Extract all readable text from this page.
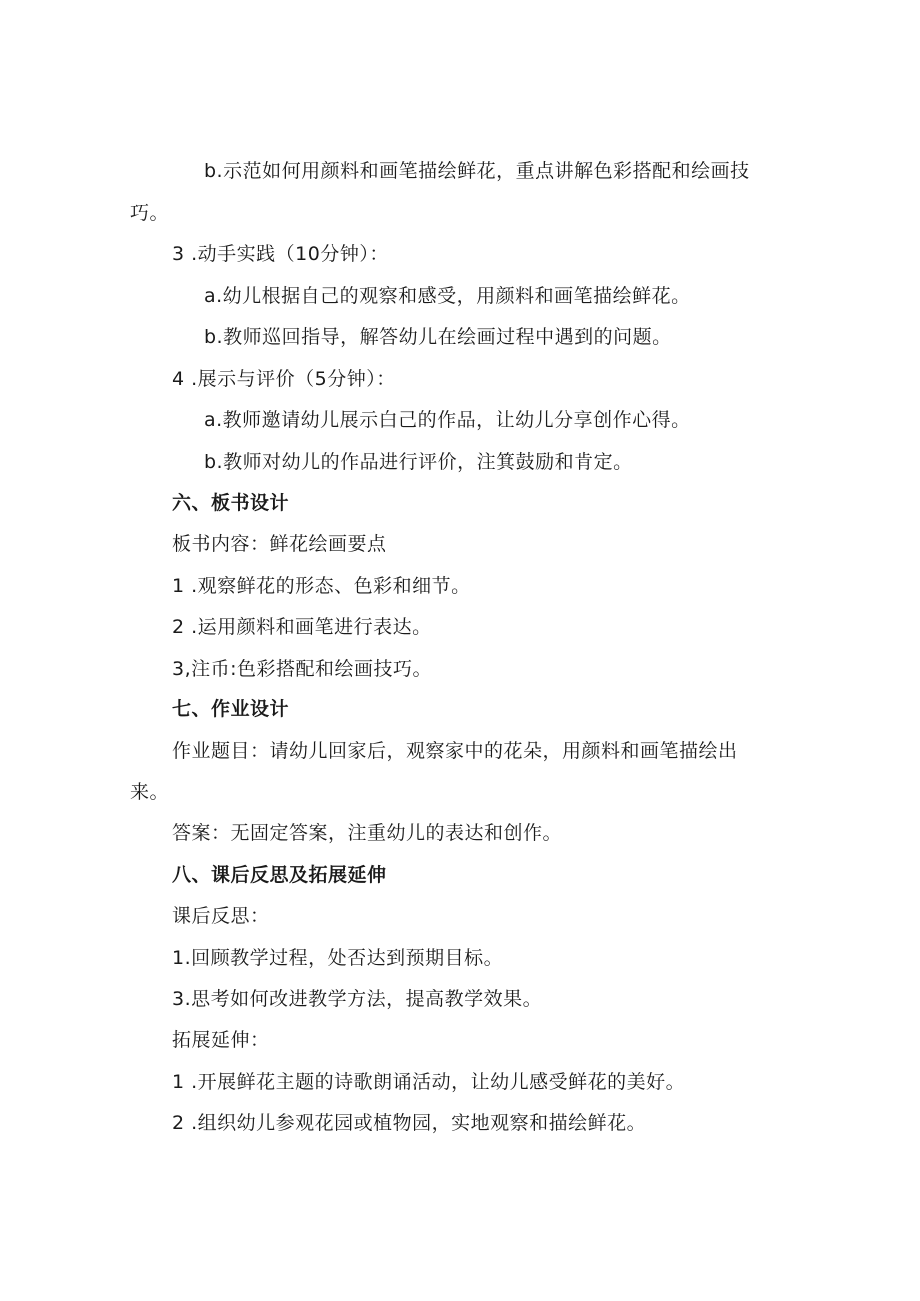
b.示范如何用颜料和画笔描绘鲜花，重点讲解色彩搭配和绘画技
巧。
3 .动手实践（10分钟）：
a.幼儿根据自己的观察和感受，用颜料和画笔描绘鲜花。
b.教师巡回指导，解答幼儿在绘画过程中遇到的问题。
4 .展示与评价（5分钟）：
a.教师邀请幼儿展示白己的作品，让幼儿分享创作心得。
b.教师对幼儿的作品进行评价，注箕鼓励和肯定。
六、板书设计
板书内容：鲜花绘画要点
1 .观察鲜花的形态、色彩和细节。
2 .运用颜料和画笔进行表达。
3,注币:色彩搭配和绘画技巧。
七、作业设计
作业题目：请幼儿回家后，观察家中的花朵，用颜料和画笔描绘出
来。
答案：无固定答案，注重幼儿的表达和创作。
八、课后反思及拓展延伸
课后反思：
1.回顾教学过程，处否达到预期目标。
3.思考如何改进教学方法，提高教学效果。
拓展延伸：
1 .开展鲜花主题的诗歌朗诵活动，让幼儿感受鲜花的美好。
2 .组织幼儿参观花园或植物园，实地观察和描绘鲜花。
